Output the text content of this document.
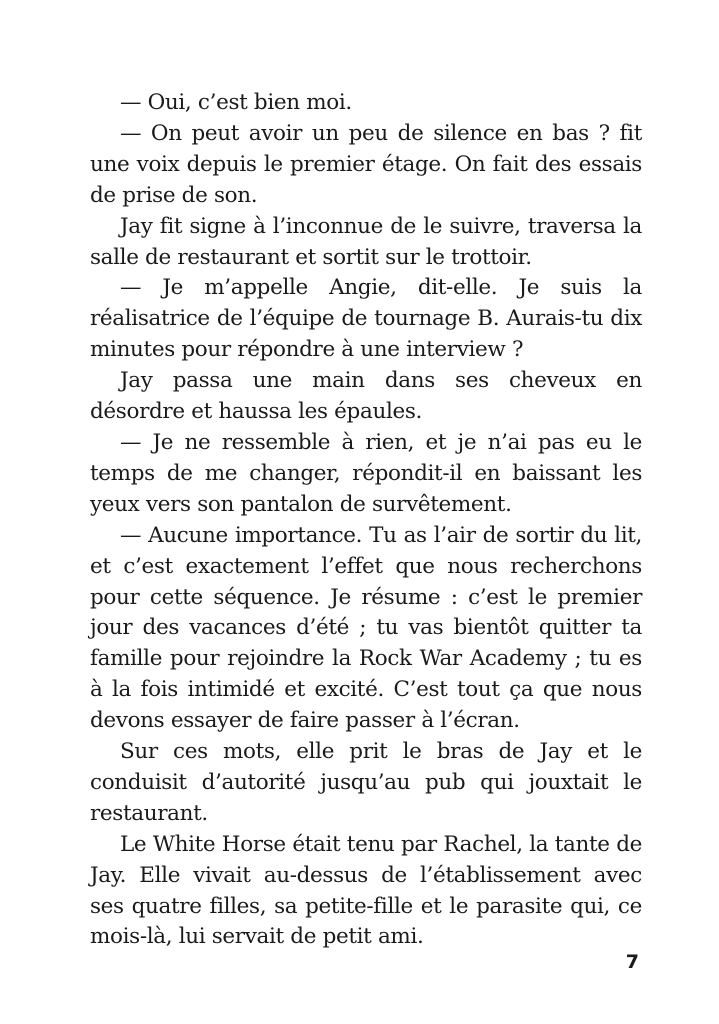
— Oui, c’est bien moi.

— On peut avoir un peu de silence en bas ? fit une voix depuis le premier étage. On fait des essais de prise de son.

Jay fit signe à l’inconnue de le suivre, traversa la salle de restaurant et sortit sur le trottoir.

— Je m’appelle Angie, dit-elle. Je suis la réalisatrice de l’équipe de tournage B. Aurais-tu dix minutes pour répondre à une interview ?

Jay passa une main dans ses cheveux en désordre et haussa les épaules.

— Je ne ressemble à rien, et je n’ai pas eu le temps de me changer, répondit-il en baissant les yeux vers son pantalon de survêtement.

— Aucune importance. Tu as l’air de sortir du lit, et c’est exactement l’effet que nous recherchons pour cette séquence. Je résume : c’est le premier jour des vacances d’été ; tu vas bientôt quitter ta famille pour rejoindre la Rock War Academy ; tu es à la fois intimidé et excité. C’est tout ça que nous devons essayer de faire passer à l’écran.

Sur ces mots, elle prit le bras de Jay et le conduisit d’autorité jusqu’au pub qui jouxtait le restaurant.

Le White Horse était tenu par Rachel, la tante de Jay. Elle vivait au-dessus de l’établissement avec ses quatre filles, sa petite-fille et le parasite qui, ce mois-là, lui servait de petit ami.

7
